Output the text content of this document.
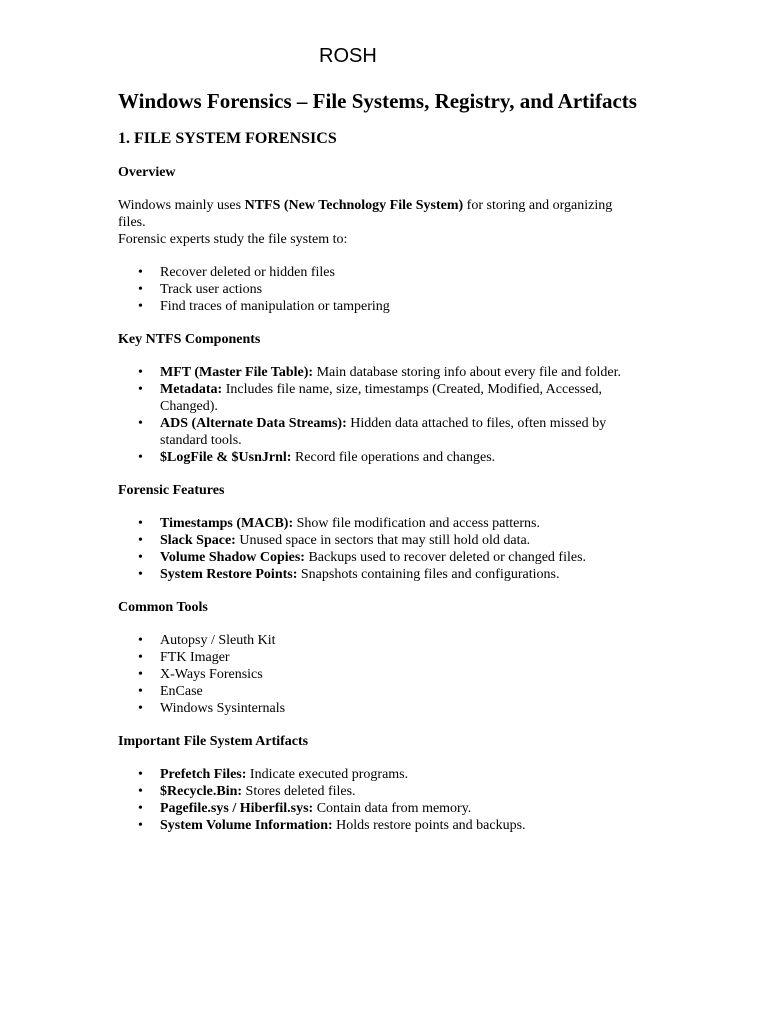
ROSH
Windows Forensics – File Systems, Registry, and Artifacts
1. FILE SYSTEM FORENSICS
Overview

Windows mainly uses NTFS (New Technology File System) for storing and organizing files.

Forensic experts study the file system to:

• Recover deleted or hidden files
• Track user actions
• Find traces of manipulation or tampering
Key NTFS Components
• MFT (Master File Table): Main database storing info about every file and folder.
• Metadata: Includes file name, size, timestamps (Created, Modified, Accessed, Changed).
• ADS (Alternate Data Streams): Hidden data attached to files, often missed by standard tools.
• $LogFile & $UsnJrnl: Record file operations and changes.
Forensic Features
• Timestamps (MACB): Show file modification and access patterns.
• Slack Space: Unused space in sectors that may still hold old data.
• Volume Shadow Copies: Backups used to recover deleted or changed files.
• System Restore Points: Snapshots containing files and configurations.
Common Tools
• Autopsy / Sleuth Kit
• FTK Imager
• X-Ways Forensics
• EnCase
• Windows Sysinternals
Important File System Artifacts
• Prefetch Files: Indicate executed programs.
• $Recycle.Bin: Stores deleted files.
• Pagefile.sys / Hiberfil.sys: Contain data from memory.
• System Volume Information: Holds restore points and backups.
